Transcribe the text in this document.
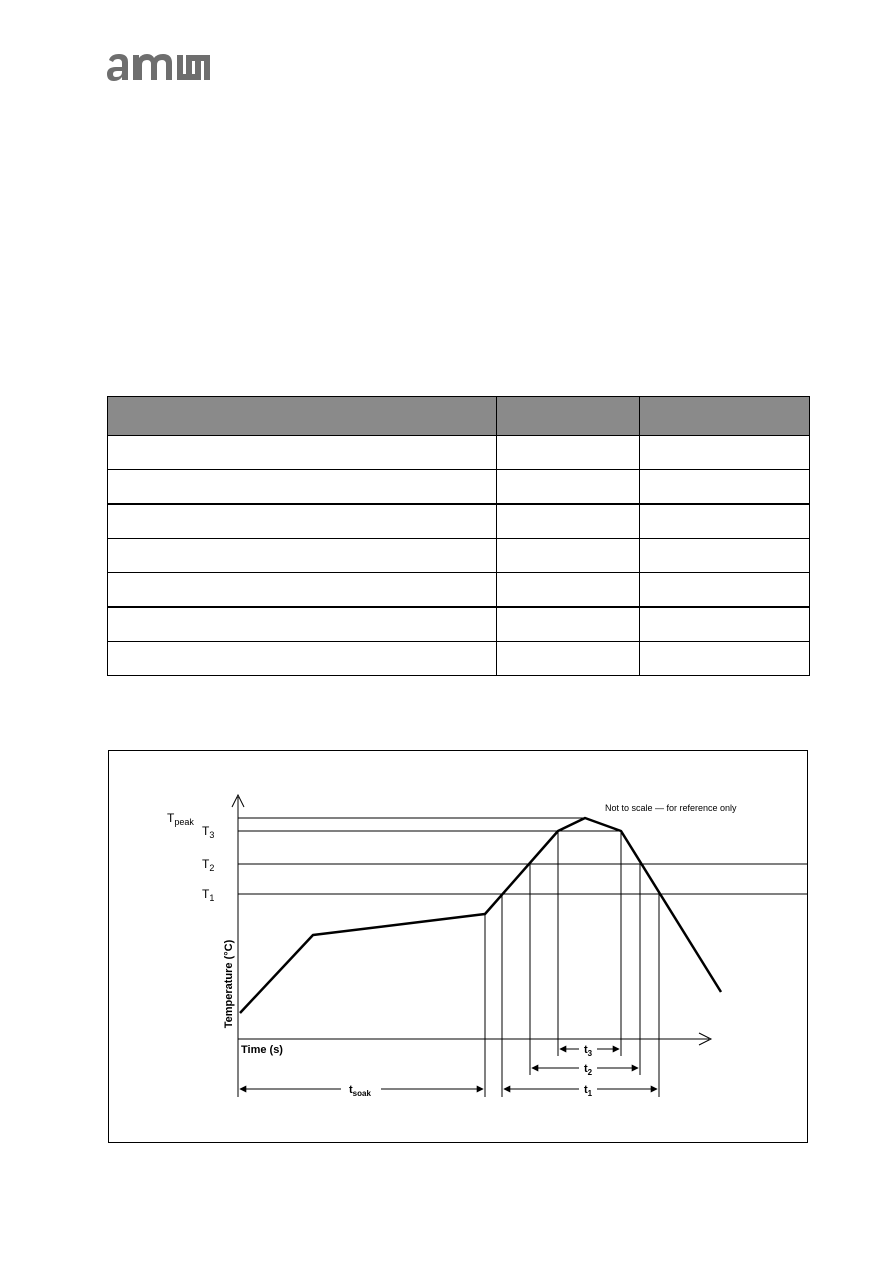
Not to scale — for reference only
$T_{peak}$
$T_3$
$T_2$
$T_1$
Temperature (°C)
Time (s)
$t_{soak}$
$t_3$
$t_2$
$t_1$
